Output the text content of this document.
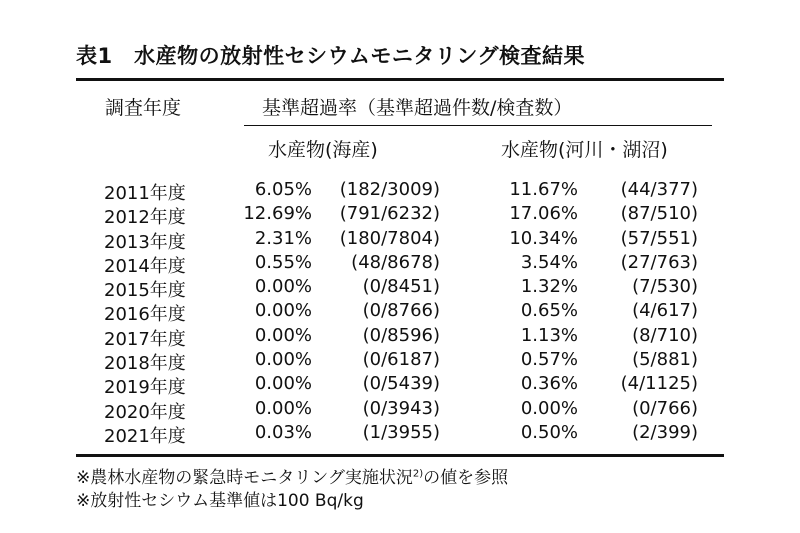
表1　水産物の放射性セシウムモニタリング検査結果
調査年度	基準超過率（基準超過件数/検査数）
水産物(海産)	水産物(河川・湖沼)
2011年度	6.05%	(182/3009)	11.67%	(44/377)
2012年度	12.69%	(791/6232)	17.06%	(87/510)
2013年度	2.31%	(180/7804)	10.34%	(57/551)
2014年度	0.55%	(48/8678)	3.54%	(27/763)
2015年度	0.00%	(0/8451)	1.32%	(7/530)
2016年度	0.00%	(0/8766)	0.65%	(4/617)
2017年度	0.00%	(0/8596)	1.13%	(8/710)
2018年度	0.00%	(0/6187)	0.57%	(5/881)
2019年度	0.00%	(0/5439)	0.36%	(4/1125)
2020年度	0.00%	(0/3943)	0.00%	(0/766)
2021年度	0.03%	(1/3955)	0.50%	(2/399)
※農林水産物の緊急時モニタリング実施状況$^{2)}$の値を参照
※放射性セシウム基準値は100 Bq/kg
